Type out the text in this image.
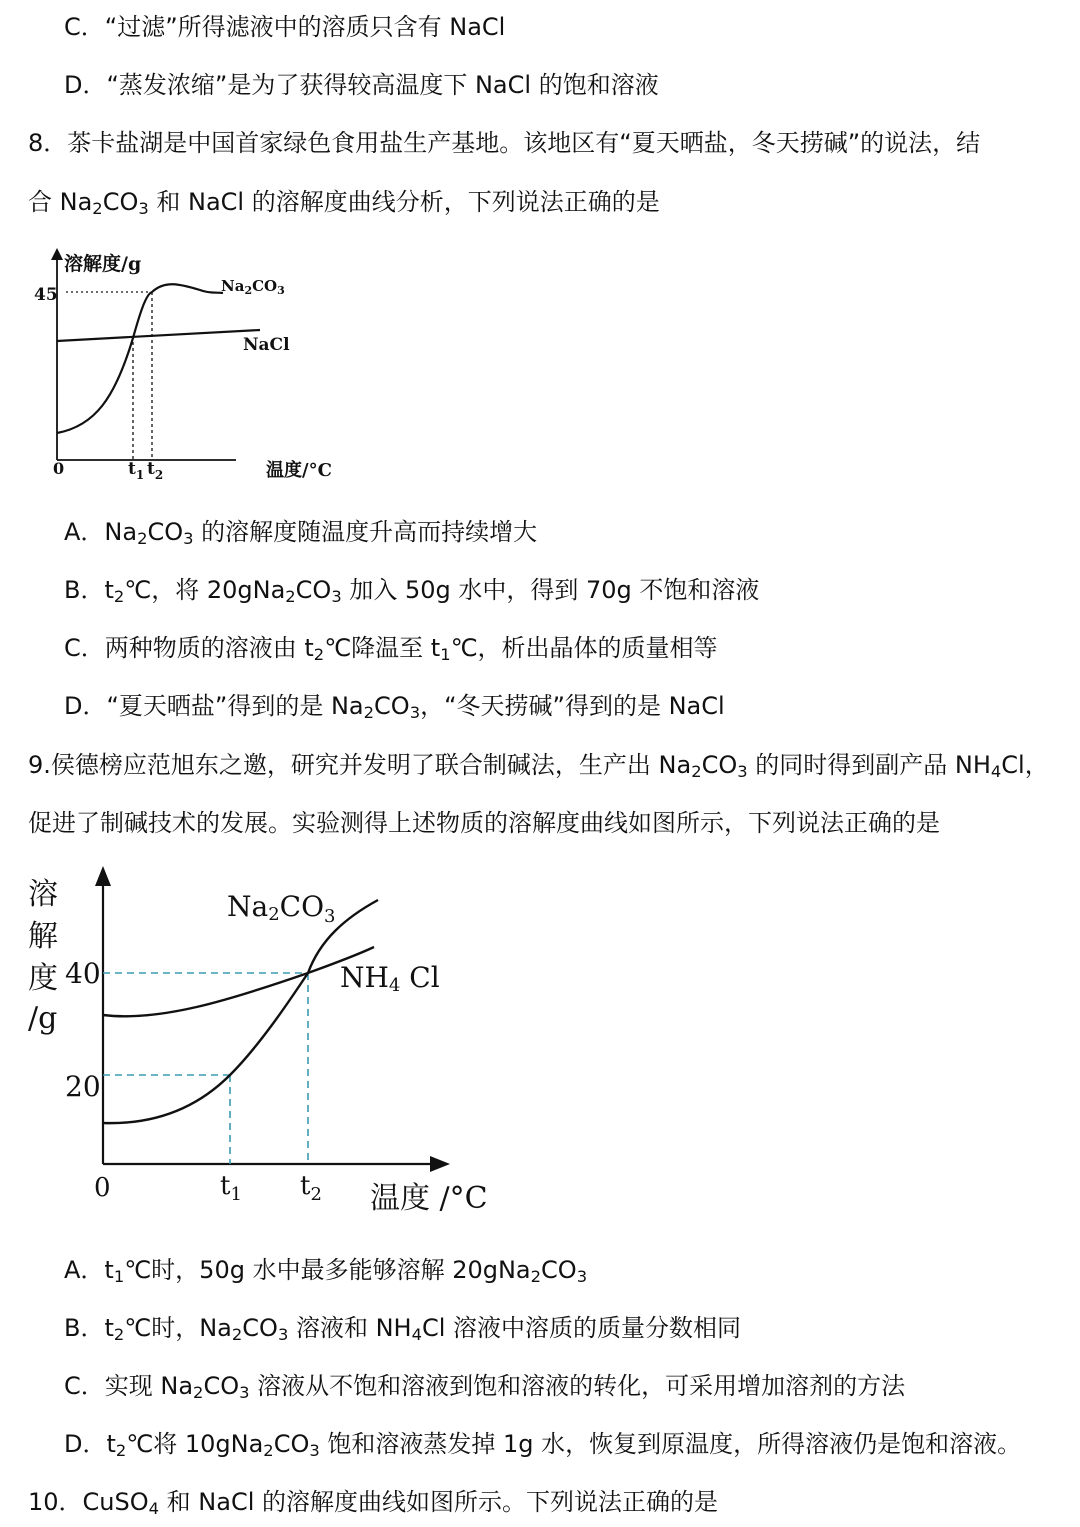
C．“过滤”所得滤液中的溶质只含有 NaCl
D．“蒸发浓缩”是为了获得较高温度下 NaCl 的饱和溶液
8．茶卡盐湖是中国首家绿色食用盐生产基地。该地区有“夏天晒盐，冬天捞碱”的说法，结
合 $Na_2CO_3$ 和 NaCl 的溶解度曲线分析，下列说法正确的是
溶解度/g
45
0	$t_1$ $t_2$	温度/°C
$Na_2CO_3$
NaCl
A．$Na_2CO_3$ 的溶解度随温度升高而持续增大
B．$t_2℃$，将 $20gNa_2CO_3$ 加入 50g 水中，得到 70g 不饱和溶液
C．两种物质的溶液由 $t_2℃$降温至 $t_1℃$，析出晶体的质量相等
D．“夏天晒盐”得到的是 $Na_2CO_3$，“冬天捞碱”得到的是 NaCl
9.侯德榜应范旭东之邀，研究并发明了联合制碱法，生产出 $Na_2CO_3$ 的同时得到副产品 $NH_4Cl$，
促进了制碱技术的发展。实验测得上述物质的溶解度曲线如图所示，下列说法正确的是
溶
解
度
/g
40
20
0	$t_1$ $t_2$ 温度 /°C
$Na2CO_3$
NH4 Cl
A．$t_1℃$时，50g 水中最多能够溶解 $20gNa_2CO_3$
B．$t_2℃$时，$Na_2CO_3$ 溶液和 $NH_4Cl$ 溶液中溶质的质量分数相同
C．实现 $Na_2CO_3$ 溶液从不饱和溶液到饱和溶液的转化，可采用增加溶剂的方法
D．$t_2℃$将 $10gNa_2CO_3$ 饱和溶液蒸发掉 1g 水，恢复到原温度，所得溶液仍是饱和溶液。
10．CuSO$_4$ 和 NaCl 的溶解度曲线如图所示。下列说法正确的是
